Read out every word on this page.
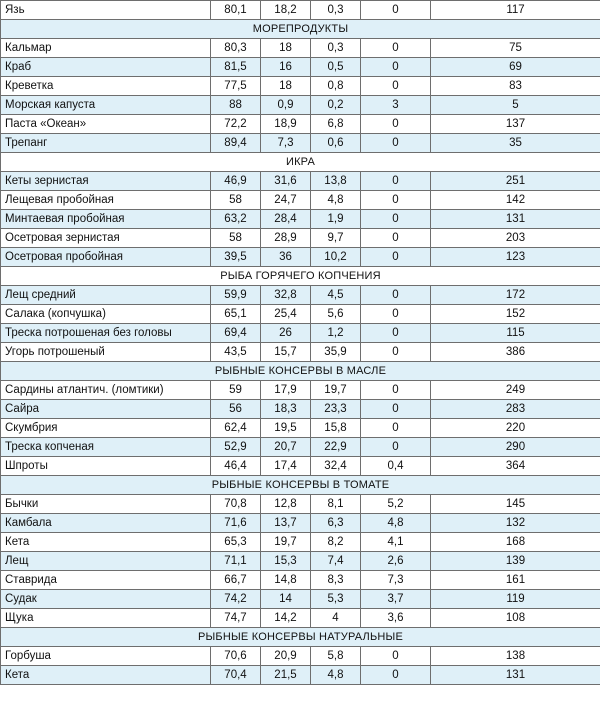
Язь	80,1	18,2	0,3	0	117
МОРЕПРОДУКТЫ					
Кальмар	80,3	18	0,3	0	75
Краб	81,5	16	0,5	0	69
Креветка	77,5	18	0,8	0	83
Морская капуста	88	0,9	0,2	3	5
Паста «Океан»	72,2	18,9	6,8	0	137
Трепанг	89,4	7,3	0,6	0	35
ИКРА					
Кеты зернистая	46,9	31,6	13,8	0	251
Лещевая пробойная	58	24,7	4,8	0	142
Минтаевая пробойная	63,2	28,4	1,9	0	131
Осетровая зернистая	58	28,9	9,7	0	203
Осетровая пробойная	39,5	36	10,2	0	123
РЫБА ГОРЯЧЕГО КОПЧЕНИЯ					
Лещ средний	59,9	32,8	4,5	0	172
Салака (копчушка)	65,1	25,4	5,6	0	152
Треска потрошеная без головы	69,4	26	1,2	0	115
Угорь потрошеный	43,5	15,7	35,9	0	386
РЫБНЫЕ КОНСЕРВЫ В МАСЛЕ					
Сардины атлантич. (ломтики)	59	17,9	19,7	0	249
Сайра	56	18,3	23,3	0	283
Скумбрия	62,4	19,5	15,8	0	220
Треска копченая	52,9	20,7	22,9	0	290
Шпроты	46,4	17,4	32,4	0,4	364
РЫБНЫЕ КОНСЕРВЫ В ТОМАТЕ					
Бычки	70,8	12,8	8,1	5,2	145
Камбала	71,6	13,7	6,3	4,8	132
Кета	65,3	19,7	8,2	4,1	168
Лещ	71,1	15,3	7,4	2,6	139
Ставрида	66,7	14,8	8,3	7,3	161
Судак	74,2	14	5,3	3,7	119
Щука	74,7	14,2	4	3,6	108
РЫБНЫЕ КОНСЕРВЫ НАТУРАЛЬНЫЕ					
Горбуша	70,6	20,9	5,8	0	138
Кета	70,4	21,5	4,8	0	131
